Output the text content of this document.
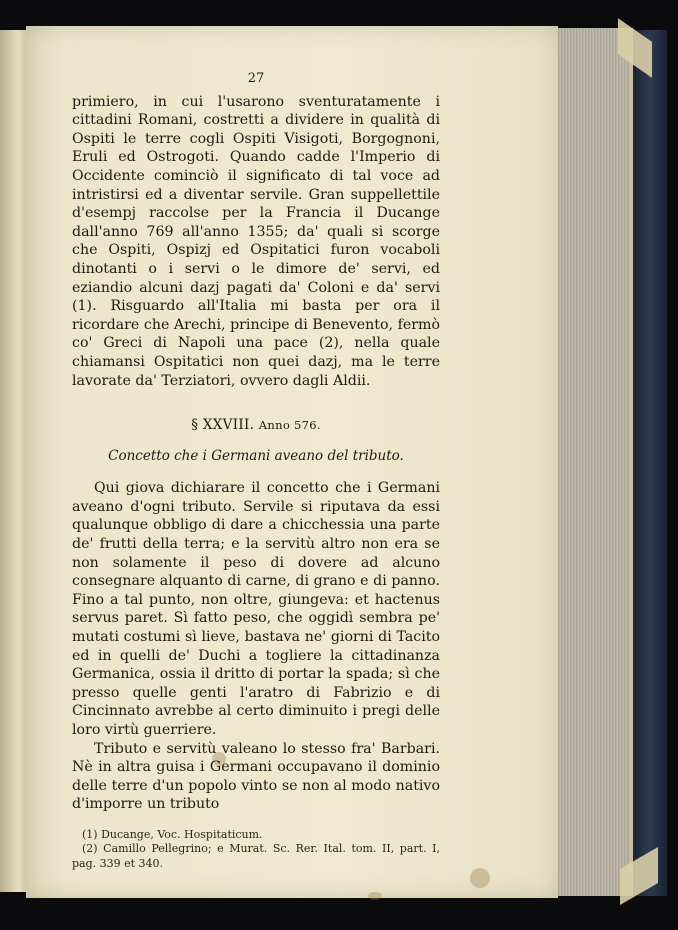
27

primiero, in cui l'usarono sventuratamente i cittadini Romani, costretti a dividere in qualità di Ospiti le terre cogli Ospiti Visigoti, Borgognoni, Eruli ed Ostrogoti. Quando cadde l'Imperio di Occidente cominciò il significato di tal voce ad intristirsi ed a diventar servile. Gran suppellettile d'esempj raccolse per la Francia il Ducange dall'anno 769 all'anno 1355; da' quali si scorge che Ospiti, Ospizj ed Ospitatici furon vocaboli dinotanti o i servi o le dimore de' servi, ed eziandio alcuni dazj pagati da' Coloni e da' servi (1). Risguardo all'Italia mi basta per ora il ricordare che Arechi, principe di Benevento, fermò co' Greci di Napoli una pace (2), nella quale chiamansi Ospitatici non quei dazj, ma le terre lavorate da' Terziatori, ovvero dagli Aldii.

§ XXVIII. Anno 576.
Concetto che i Germani aveano del tributo.

Qui giova dichiarare il concetto che i Germani aveano d'ogni tributo. Servile si riputava da essi qualunque obbligo di dare a chicchessia una parte de' frutti della terra; e la servitù altro non era se non solamente il peso di dovere ad alcuno consegnare alquanto di carne, di grano e di panno. Fino a tal punto, non oltre, giungeva: et hactenus servus paret. Sì fatto peso, che oggidì sembra pe' mutati costumi sì lieve, bastava ne' giorni di Tacito ed in quelli de' Duchi a togliere la cittadinanza Germanica, ossia il dritto di portar la spada; sì che presso quelle genti l'aratro di Fabrizio e di Cincinnato avrebbe al certo diminuito i pregi delle loro virtù guerriere.

Tributo e servitù valeano lo stesso fra' Barbari. Nè in altra guisa i Germani occupavano il dominio delle terre d'un popolo vinto se non al modo nativo d'imporre un tributo

(1) Ducange, Voc. Hospitaticum.

(2) Camillo Pellegrino; e Murat. Sc. Rer. Ital. tom. II, part. I, pag. 339 et 340.
